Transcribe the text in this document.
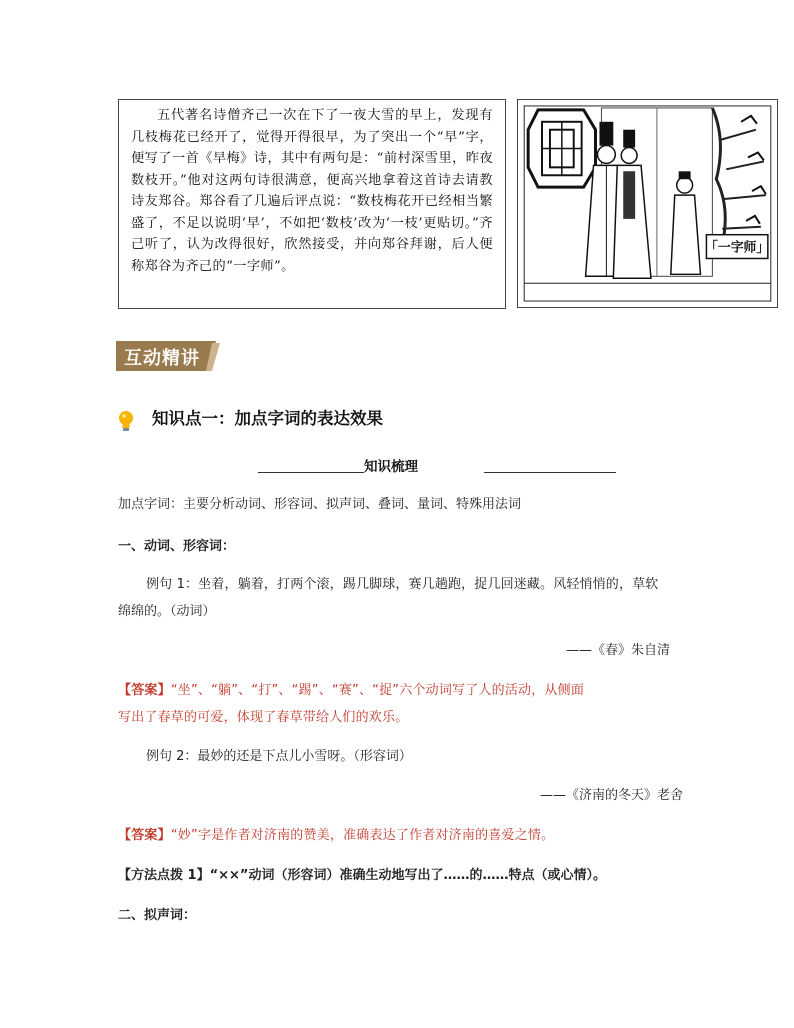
五代著名诗僧齐己一次在下了一夜大雪的早上，发现有几枝梅花已经开了，觉得开得很早，为了突出一个“早”字，便写了一首《早梅》诗，其中有两句是：“前村深雪里，昨夜数枝开。”他对这两句诗很满意，便高兴地拿着这首诗去请教诗友郑谷。郑谷看了几遍后评点说：“数枝梅花开已经相当繁盛了，不足以说明‘早’，不如把‘数枝’改为‘一枝’更贴切。”齐己听了，认为改得很好，欣然接受，并向郑谷拜谢，后人便称郑谷为齐己的“一字师”。
「一字师」
互动精讲
知识点一：加点字词的表达效果
知识梳理
加点字词：主要分析动词、形容词、拟声词、叠词、量词、特殊用法词
一、动词、形容词：
例句 1：坐着，躺着，打两个滚，踢几脚球，赛几趟跑，捉几回迷藏。风轻悄悄的，草软
绵绵的。（动词）
——《春》朱自清
【答案】“坐”、“躺”、“打”、“踢”、“赛”、“捉”六个动词写了人的活动，从侧面
写出了春草的可爱，体现了春草带给人们的欢乐。
例句 2：最妙的还是下点儿小雪呀。（形容词）
——《济南的冬天》老舍
【答案】“妙”字是作者对济南的赞美，准确表达了作者对济南的喜爱之情。
【方法点拨 1】“××”动词（形容词）准确生动地写出了……的……特点（或心情）。
二、拟声词：
